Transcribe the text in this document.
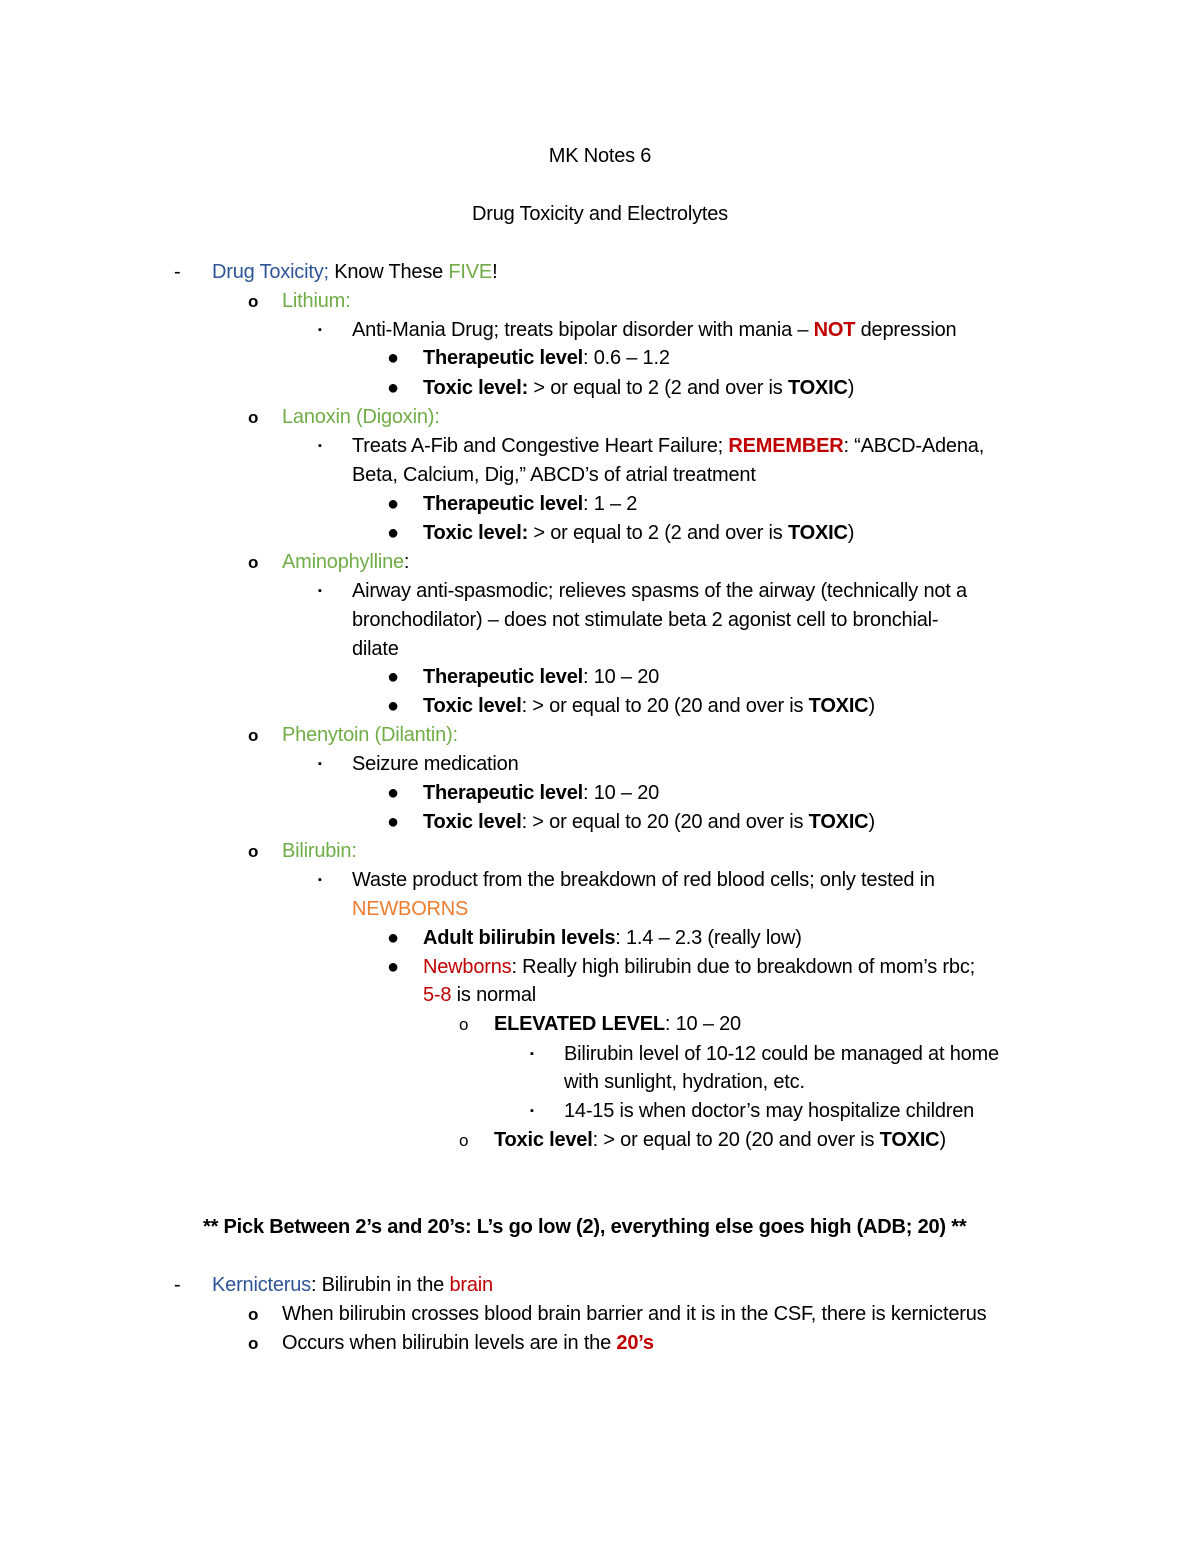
MK Notes 6
Drug Toxicity and Electrolytes
- Drug Toxicity; Know These FIVE!
o Lithium:
▪ Anti-Mania Drug; treats bipolar disorder with mania – NOT depression
● Therapeutic level: 0.6 – 1.2
● Toxic level: > or equal to 2 (2 and over is TOXIC)
o Lanoxin (Digoxin):
▪ Treats A-Fib and Congestive Heart Failure; REMEMBER: “ABCD-Adena,
Beta, Calcium, Dig,” ABCD’s of atrial treatment
● Therapeutic level: 1 – 2
● Toxic level: > or equal to 2 (2 and over is TOXIC)
o Aminophylline:
▪ Airway anti-spasmodic; relieves spasms of the airway (technically not a
bronchodilator) – does not stimulate beta 2 agonist cell to bronchial-
dilate
● Therapeutic level: 10 – 20
● Toxic level: > or equal to 20 (20 and over is TOXIC)
o Phenytoin (Dilantin):
▪ Seizure medication
● Therapeutic level: 10 – 20
● Toxic level: > or equal to 20 (20 and over is TOXIC)
o Bilirubin:
▪ Waste product from the breakdown of red blood cells; only tested in
NEWBORNS
● Adult bilirubin levels: 1.4 – 2.3 (really low)
● Newborns: Really high bilirubin due to breakdown of mom’s rbc;
5-8 is normal
o ELEVATED LEVEL: 10 – 20
▪ Bilirubin level of 10-12 could be managed at home
with sunlight, hydration, etc.
▪ 14-15 is when doctor’s may hospitalize children
o Toxic level: > or equal to 20 (20 and over is TOXIC)
** Pick Between 2’s and 20’s: L’s go low (2), everything else goes high (ADB; 20) **
- Kernicterus: Bilirubin in the brain
o When bilirubin crosses blood brain barrier and it is in the CSF, there is kernicterus
o Occurs when bilirubin levels are in the 20’s
